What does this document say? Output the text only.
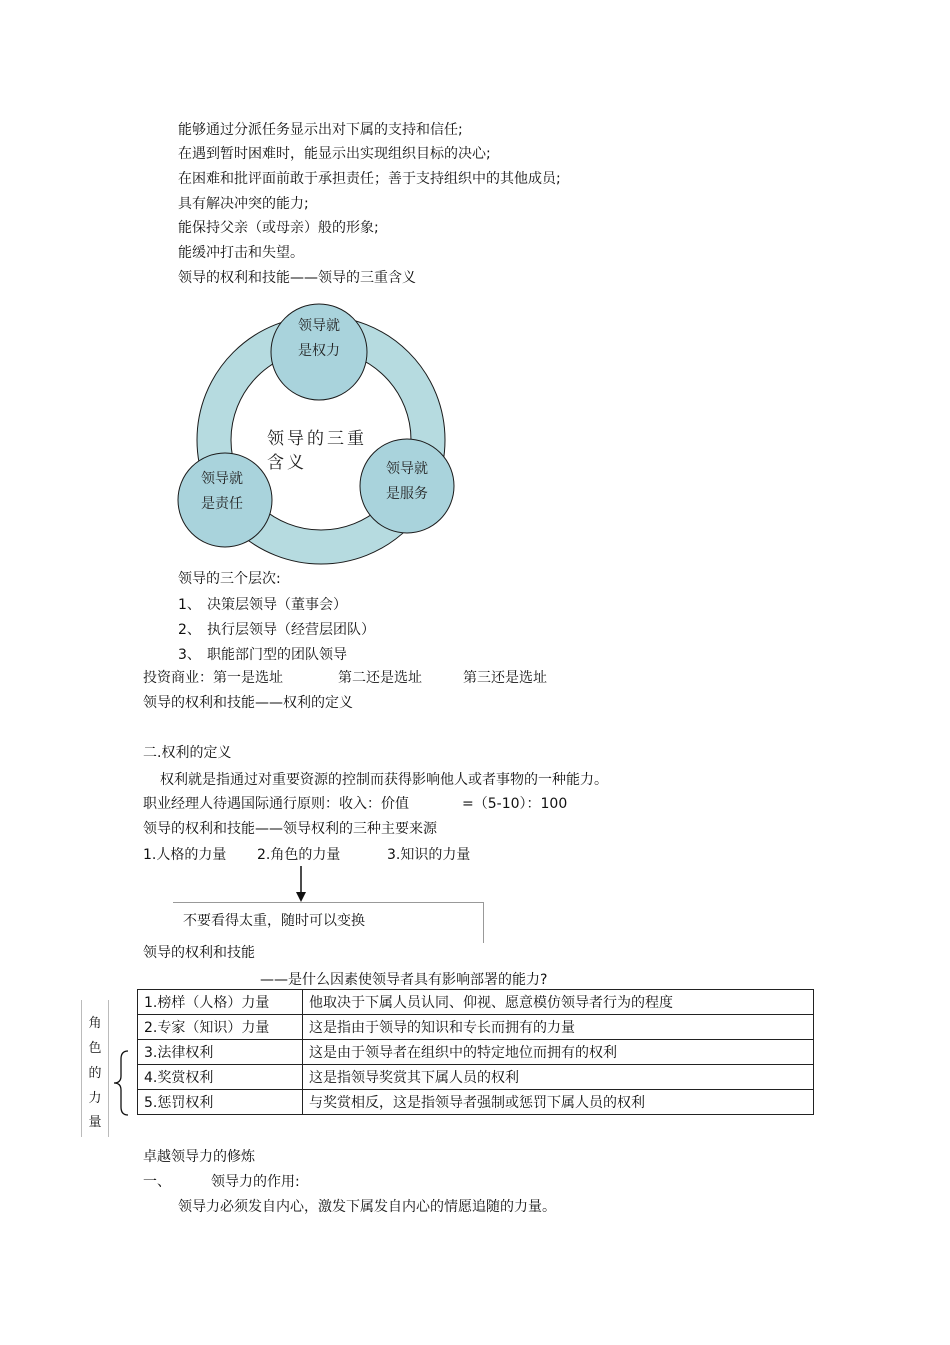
能够通过分派任务显示出对下属的支持和信任;
在遇到暂时困难时，能显示出实现组织目标的决心;
在困难和批评面前敢于承担责任；善于支持组织中的其他成员;
具有解决冲突的能力;
能保持父亲（或母亲）般的形象;
能缓冲打击和失望。
领导的权利和技能——领导的三重含义
领导就
是权力
领导的三重
含义
领导就
是责任
领导就
是服务
领导的三个层次:
1、 决策层领导（董事会）
2、 执行层领导（经营层团队）
3、 职能部门型的团队领导
投资商业：第一是选址	第二还是选址	第三还是选址
领导的权利和技能——权利的定义
二.权利的定义
权利就是指通过对重要资源的控制而获得影响他人或者事物的一种能力。
职业经理人待遇国际通行原则：收入：价值	=（5-10）：100
领导的权利和技能——领导权利的三种主要来源
1.人格的力量 2.角色的力量	3.知识的力量
不要看得太重，随时可以变换
领导的权利和技能
——是什么因素使领导者具有影响部署的能力?
1.榜样（人格）力量	他取决于下属人员认同、仰视、愿意模仿领导者行为的程度
2.专家（知识）力量	这是指由于领导的知识和专长而拥有的力量
3.法律权利	这是由于领导者在组织中的特定地位而拥有的权利
4.奖赏权利	这是指领导奖赏其下属人员的权利
5.惩罚权利	与奖赏相反，这是指领导者强制或惩罚下属人员的权利
角
色
的
力
量
卓越领导力的修炼
一、	领导力的作用:
领导力必须发自内心，激发下属发自内心的情愿追随的力量。
